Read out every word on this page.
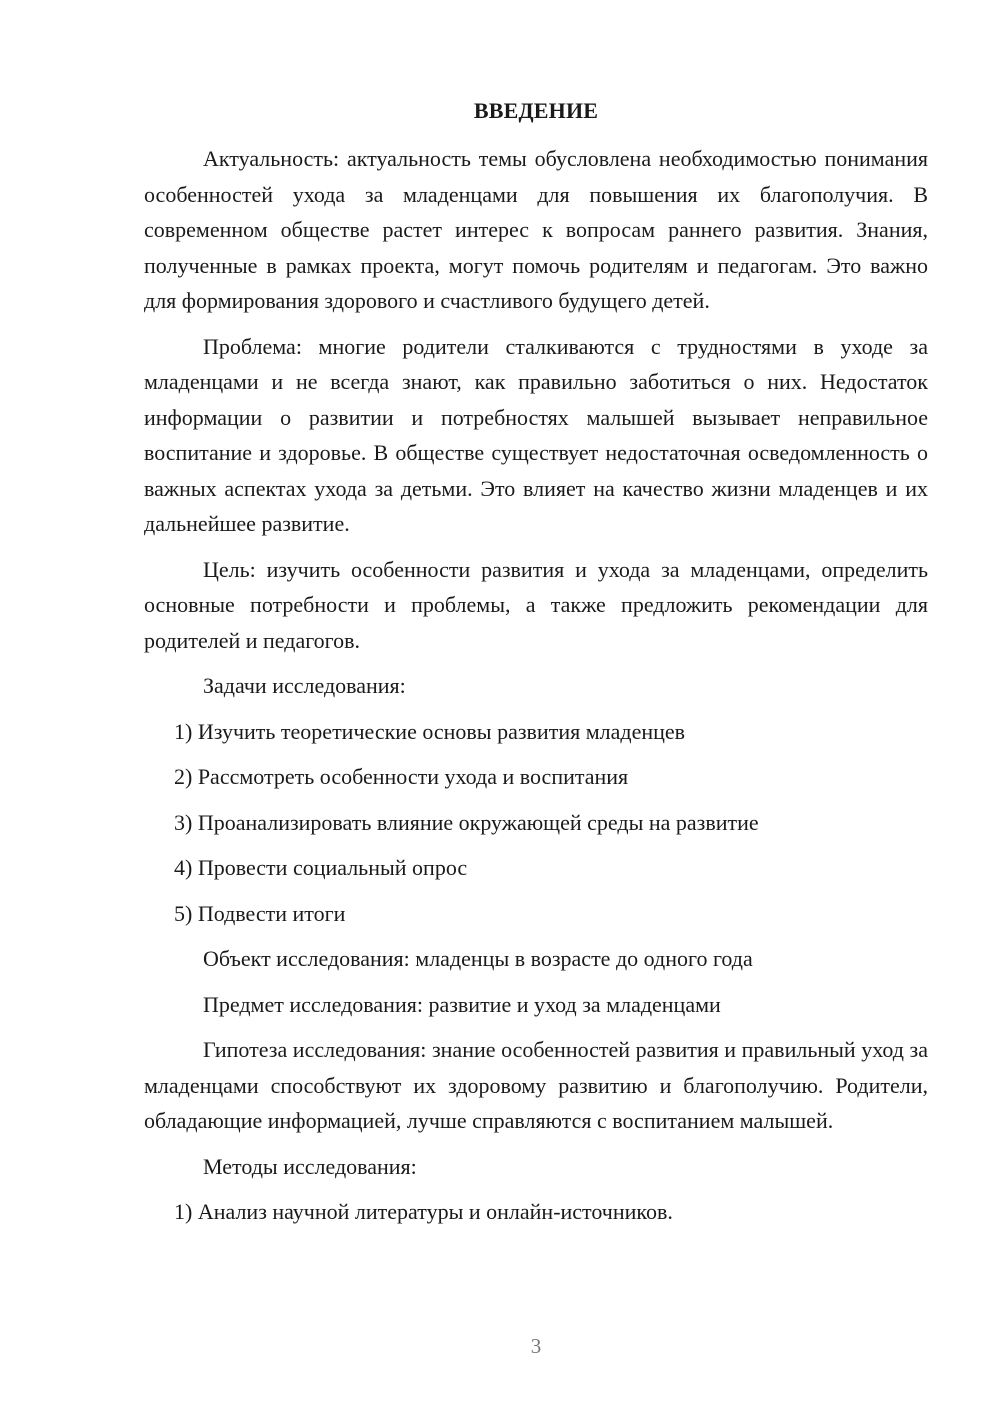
ВВЕДЕНИЕ

Актуальность: актуальность темы обусловлена необходимостью понимания особенностей ухода за младенцами для повышения их благополучия. В современном обществе растет интерес к вопросам раннего развития. Знания, полученные в рамках проекта, могут помочь родителям и педагогам. Это важно для формирования здорового и счастливого будущего детей.

Проблема: многие родители сталкиваются с трудностями в уходе за младенцами и не всегда знают, как правильно заботиться о них. Недостаток информации о развитии и потребностях малышей вызывает неправильное воспитание и здоровье. В обществе существует недостаточная осведомленность о важных аспектах ухода за детьми. Это влияет на качество жизни младенцев и их дальнейшее развитие.

Цель: изучить особенности развития и ухода за младенцами, определить основные потребности и проблемы, а также предложить рекомендации для родителей и педагогов.

Задачи исследования:

1) Изучить теоретические основы развития младенцев

2) Рассмотреть особенности ухода и воспитания

3) Проанализировать влияние окружающей среды на развитие

4) Провести социальный опрос

5) Подвести итоги

Объект исследования: младенцы в возрасте до одного года

Предмет исследования: развитие и уход за младенцами

Гипотеза исследования: знание особенностей развития и правильный уход за младенцами способствуют их здоровому развитию и благополучию. Родители, обладающие информацией, лучше справляются с воспитанием малышей.

Методы исследования:

1) Анализ научной литературы и онлайн-источников.

3
